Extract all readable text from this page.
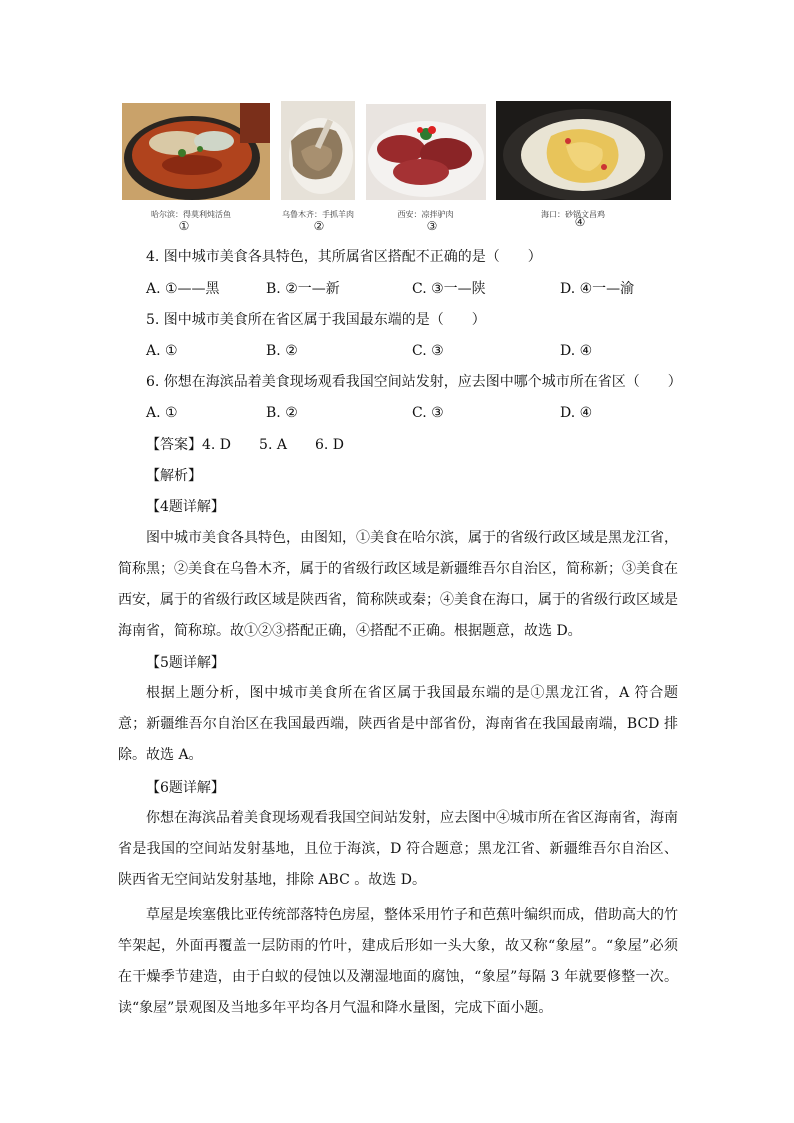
哈尔滨：得莫利炖活鱼
①
乌鲁木齐：手抓羊肉
②
西安：凉拌驴肉
③
海口：砂锅文昌鸡
④
4. 图中城市美食各具特色，其所属省区搭配不正确的是（　　）
A. ①——黑	B. ②一—新	C. ③一—陕	D. ④一—渝
5. 图中城市美食所在省区属于我国最东端的是（　　）
A. ①	B. ②	C. ③	D. ④
6. 你想在海滨品着美食现场观看我国空间站发射，应去图中哪个城市所在省区（　　）
A. ①	B. ②	C. ③	D. ④
【答案】4. D　　5. A　　6. D
【解析】
【4题详解】
图中城市美食各具特色，由图知，①美食在哈尔滨，属于的省级行政区域是黑龙江省，简称黑；②美食在乌鲁木齐，属于的省级行政区域是新疆维吾尔自治区，简称新；③美食在西安，属于的省级行政区域是陕西省，简称陕或秦；④美食在海口，属于的省级行政区域是海南省，简称琼。故①②③搭配正确，④搭配不正确。根据题意，故选 D。
【5题详解】
根据上题分析，图中城市美食所在省区属于我国最东端的是①黑龙江省，A 符合题意；新疆维吾尔自治区在我国最西端，陕西省是中部省份，海南省在我国最南端，BCD 排除。故选 A。
【6题详解】
你想在海滨品着美食现场观看我国空间站发射，应去图中④城市所在省区海南省，海南省是我国的空间站发射基地，且位于海滨，D 符合题意；黑龙江省、新疆维吾尔自治区、陕西省无空间站发射基地，排除 ABC 。故选 D。
草屋是埃塞俄比亚传统部落特色房屋，整体采用竹子和芭蕉叶编织而成，借助高大的竹竿架起，外面再覆盖一层防雨的竹叶，建成后形如一头大象，故又称“象屋”。“象屋”必须在干燥季节建造，由于白蚁的侵蚀以及潮湿地面的腐蚀，“象屋”每隔 3 年就要修整一次。读“象屋”景观图及当地多年平均各月气温和降水量图，完成下面小题。
